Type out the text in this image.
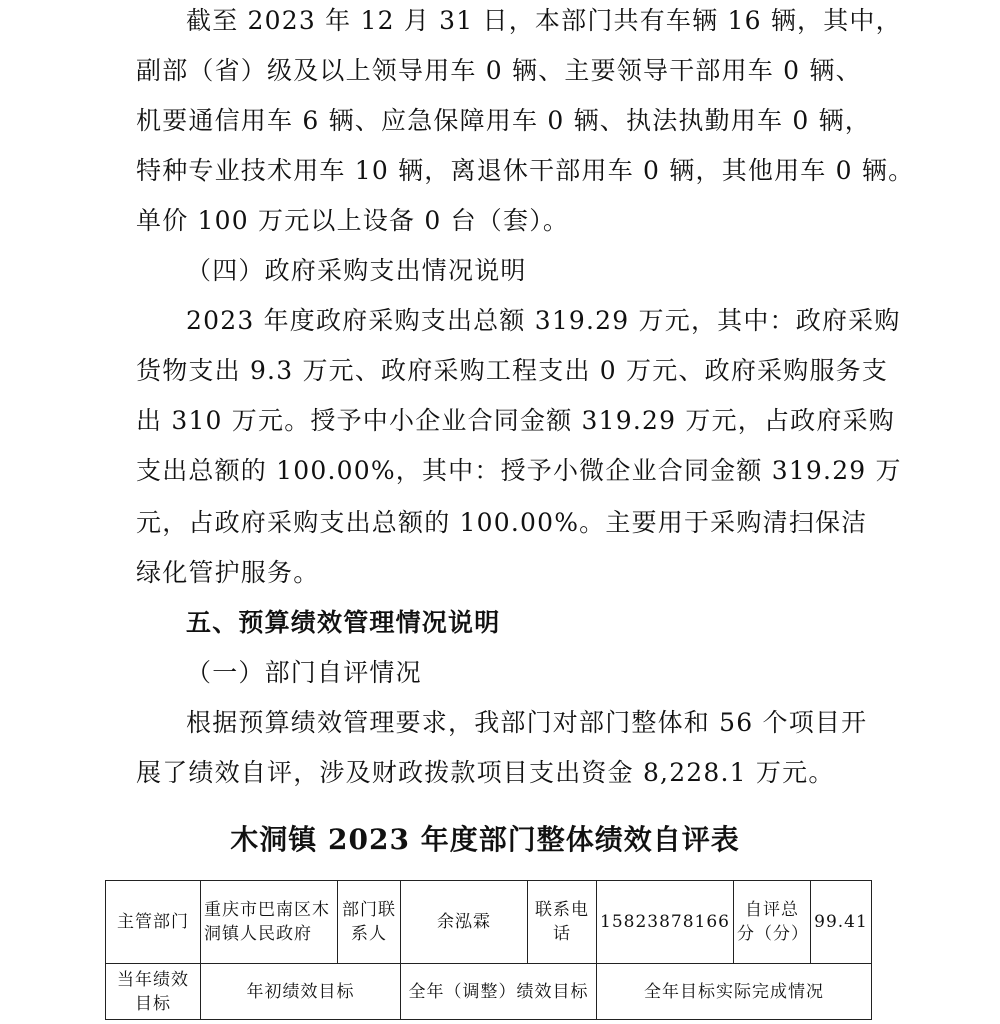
截至 2023 年 12 月 31 日，本部门共有车辆 16 辆，其中，
副部（省）级及以上领导用车 0 辆、主要领导干部用车 0 辆、
机要通信用车 6 辆、应急保障用车 0 辆、执法执勤用车 0 辆，
特种专业技术用车 10 辆，离退休干部用车 0 辆，其他用车 0 辆。
单价 100 万元以上设备 0 台（套）。
（四）政府采购支出情况说明
2023 年度政府采购支出总额 319.29 万元，其中：政府采购
货物支出 9.3 万元、政府采购工程支出 0 万元、政府采购服务支
出 310 万元。授予中小企业合同金额 319.29 万元，占政府采购
支出总额的 100.00%，其中：授予小微企业合同金额 319.29 万
元，占政府采购支出总额的 100.00%。主要用于采购清扫保洁
绿化管护服务。
五、预算绩效管理情况说明
（一）部门自评情况
根据预算绩效管理要求，我部门对部门整体和 56 个项目开
展了绩效自评，涉及财政拨款项目支出资金 8,228.1 万元。
木洞镇 2023 年度部门整体绩效自评表
主管部门	重庆市巴南区木洞镇人民政府	部门联系人	余泓霖	联系电话	15823878166	自评总分（分）	99.41
当年绩效目标	年初绩效目标		全年（调整）绩效目标		全年目标实际完成情况		
